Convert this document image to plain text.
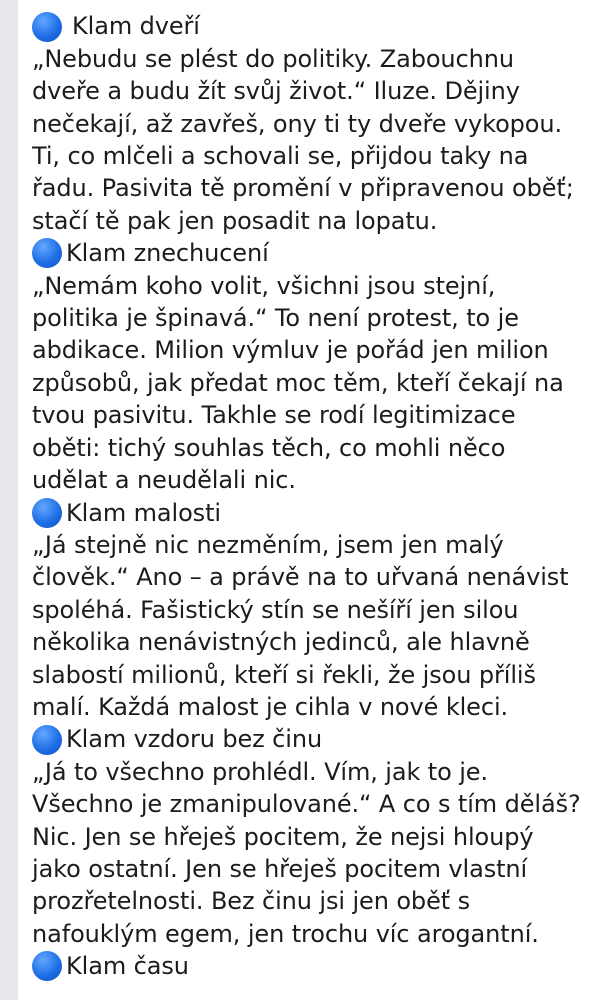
Klam dveří
„Nebudu se plést do politiky. Zabouchnu
dveře a budu žít svůj život.“ Iluze. Dějiny
nečekají, až zavřeš, ony ti ty dveře vykopou.
Ti, co mlčeli a schovali se, přijdou taky na
řadu. Pasivita tě promění v připravenou oběť;
stačí tě pak jen posadit na lopatu.
Klam znechucení
„Nemám koho volit, všichni jsou stejní,
politika je špinavá.“ To není protest, to je
abdikace. Milion výmluv je pořád jen milion
způsobů, jak předat moc těm, kteří čekají na
tvou pasivitu. Takhle se rodí legitimizace
oběti: tichý souhlas těch, co mohli něco
udělat a neudělali nic.
Klam malosti
„Já stejně nic nezměním, jsem jen malý
člověk.“ Ano – a právě na to uřvaná nenávist
spoléhá. Fašistický stín se nešíří jen silou
několika nenávistných jedinců, ale hlavně
slabostí milionů, kteří si řekli, že jsou příliš
malí. Každá malost je cihla v nové kleci.
Klam vzdoru bez činu
„Já to všechno prohlédl. Vím, jak to je.
Všechno je zmanipulované.“ A co s tím děláš?
Nic. Jen se hřeješ pocitem, že nejsi hloupý
jako ostatní. Jen se hřeješ pocitem vlastní
prozřetelnosti. Bez činu jsi jen oběť s
nafouklým egem, jen trochu víc arogantní.
Klam času
